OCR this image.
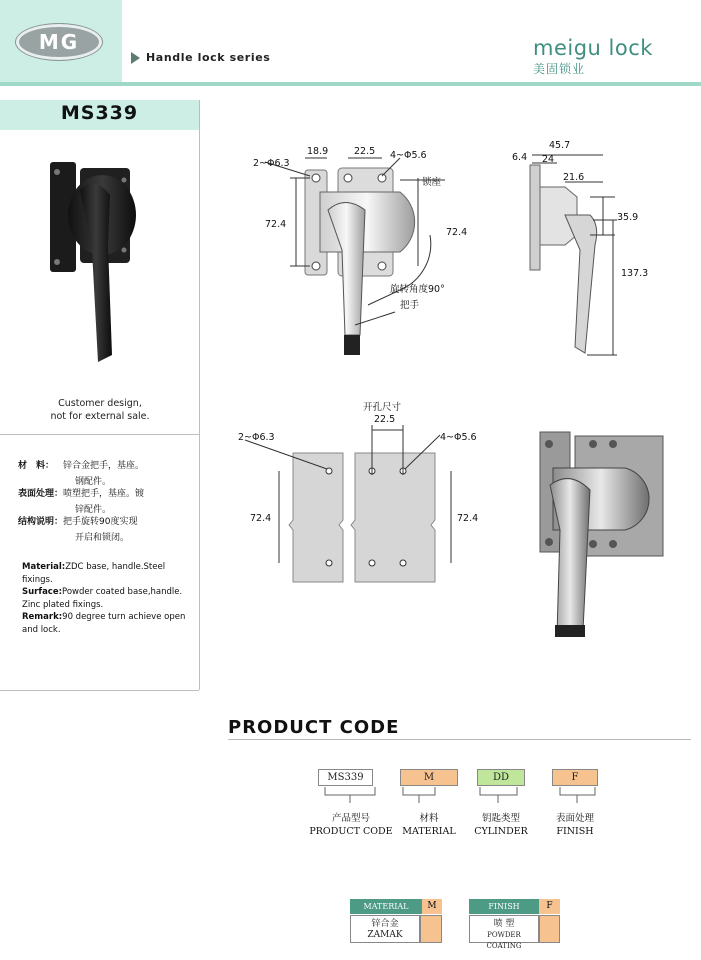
MG
Handle lock series	meigu lock
美固锁业
MS339
Customer design,
not for external sale.
材　料： 锌合金把手，基座。
钢配件。
表面处理：喷塑把手，基座。镀
锌配件。
结构说明：把手旋转90度实现
开启和锁闭。
Material:ZDC base, handle.Steel fixings.
Surface:Powder coated base,handle. Zinc plated fixings.
Remark:90 degree turn achieve open and lock.
2~Φ6.3
18.9	22.5 4~Φ5.6
72.4
72.4
锁座
旋转角度90°
把手
45.7
6.4 24
21.6
35.9
137.3
开孔尺寸
22.5
2~Φ6.3	4~Φ5.6
72.4	72.4
PRODUCT CODE
MS339
产品型号
PRODUCT CODE
M
材料
MATERIAL
DD
钥匙类型
CYLINDER
F
表面处理
FINISH
MATERIAL	M
锌合金
ZAMAK
FINISH	F
喷 塑
POWDER COATING
